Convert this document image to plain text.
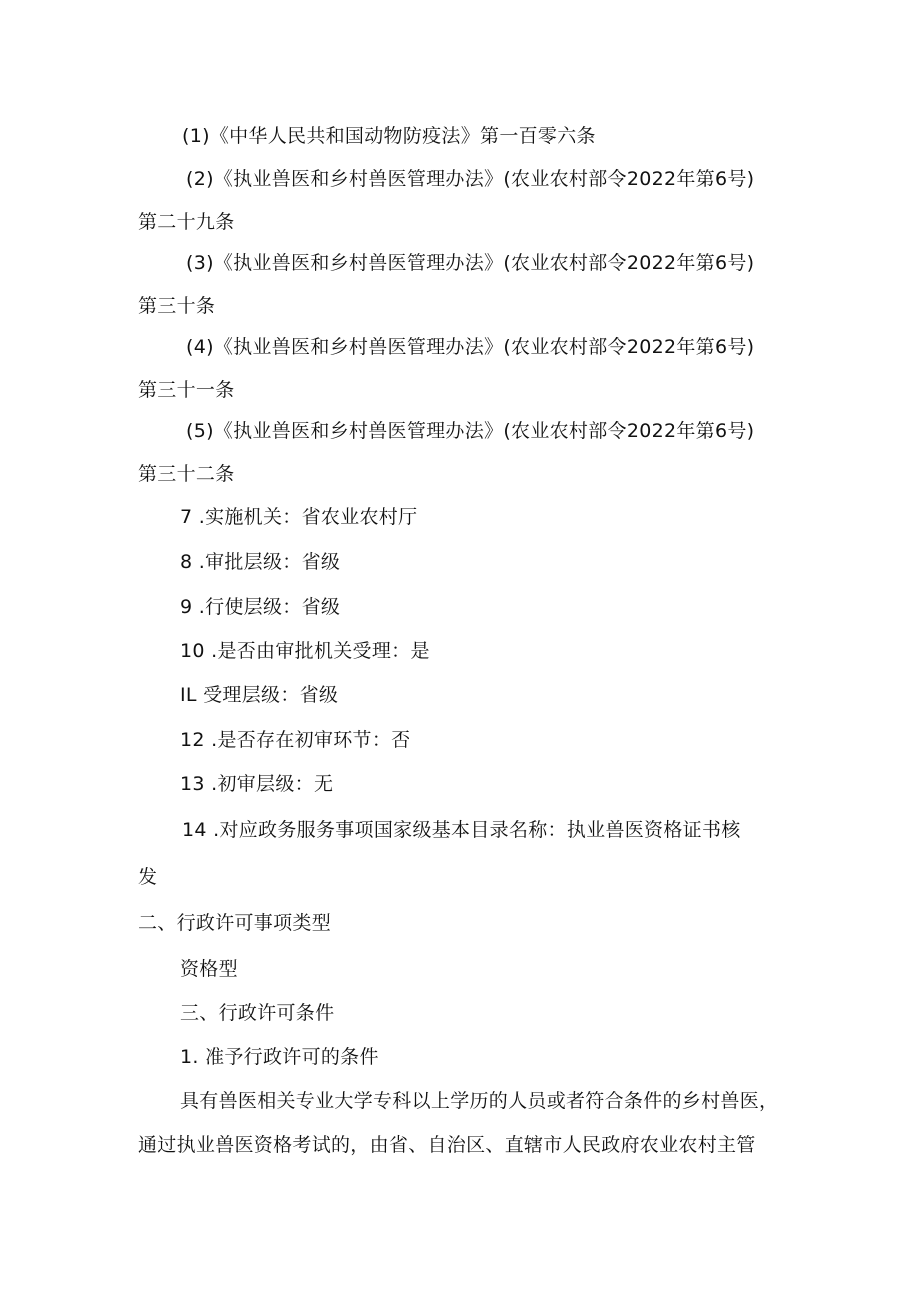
(1)《中华人民共和国动物防疫法》第一百零六条

(2)《执业兽医和乡村兽医管理办法》(农业农村部令2022年第6号)

第二十九条

(3)《执业兽医和乡村兽医管理办法》(农业农村部令2022年第6号)

第三十条

(4)《执业兽医和乡村兽医管理办法》(农业农村部令2022年第6号)

第三十一条

(5)《执业兽医和乡村兽医管理办法》(农业农村部令2022年第6号)

第三十二条

7 .实施机关：省农业农村厅

8 .审批层级：省级

9 .行使层级：省级

10 .是否由审批机关受理：是

IL 受理层级：省级

12 .是否存在初审环节：否

13 .初审层级：无

14 .对应政务服务事项国家级基本目录名称：执业兽医资格证书核

发

二、行政许可事项类型

资格型

三、行政许可条件

1. 准予行政许可的条件

具有兽医相关专业大学专科以上学历的人员或者符合条件的乡村兽医，

通过执业兽医资格考试的，由省、自治区、直辖市人民政府农业农村主管
